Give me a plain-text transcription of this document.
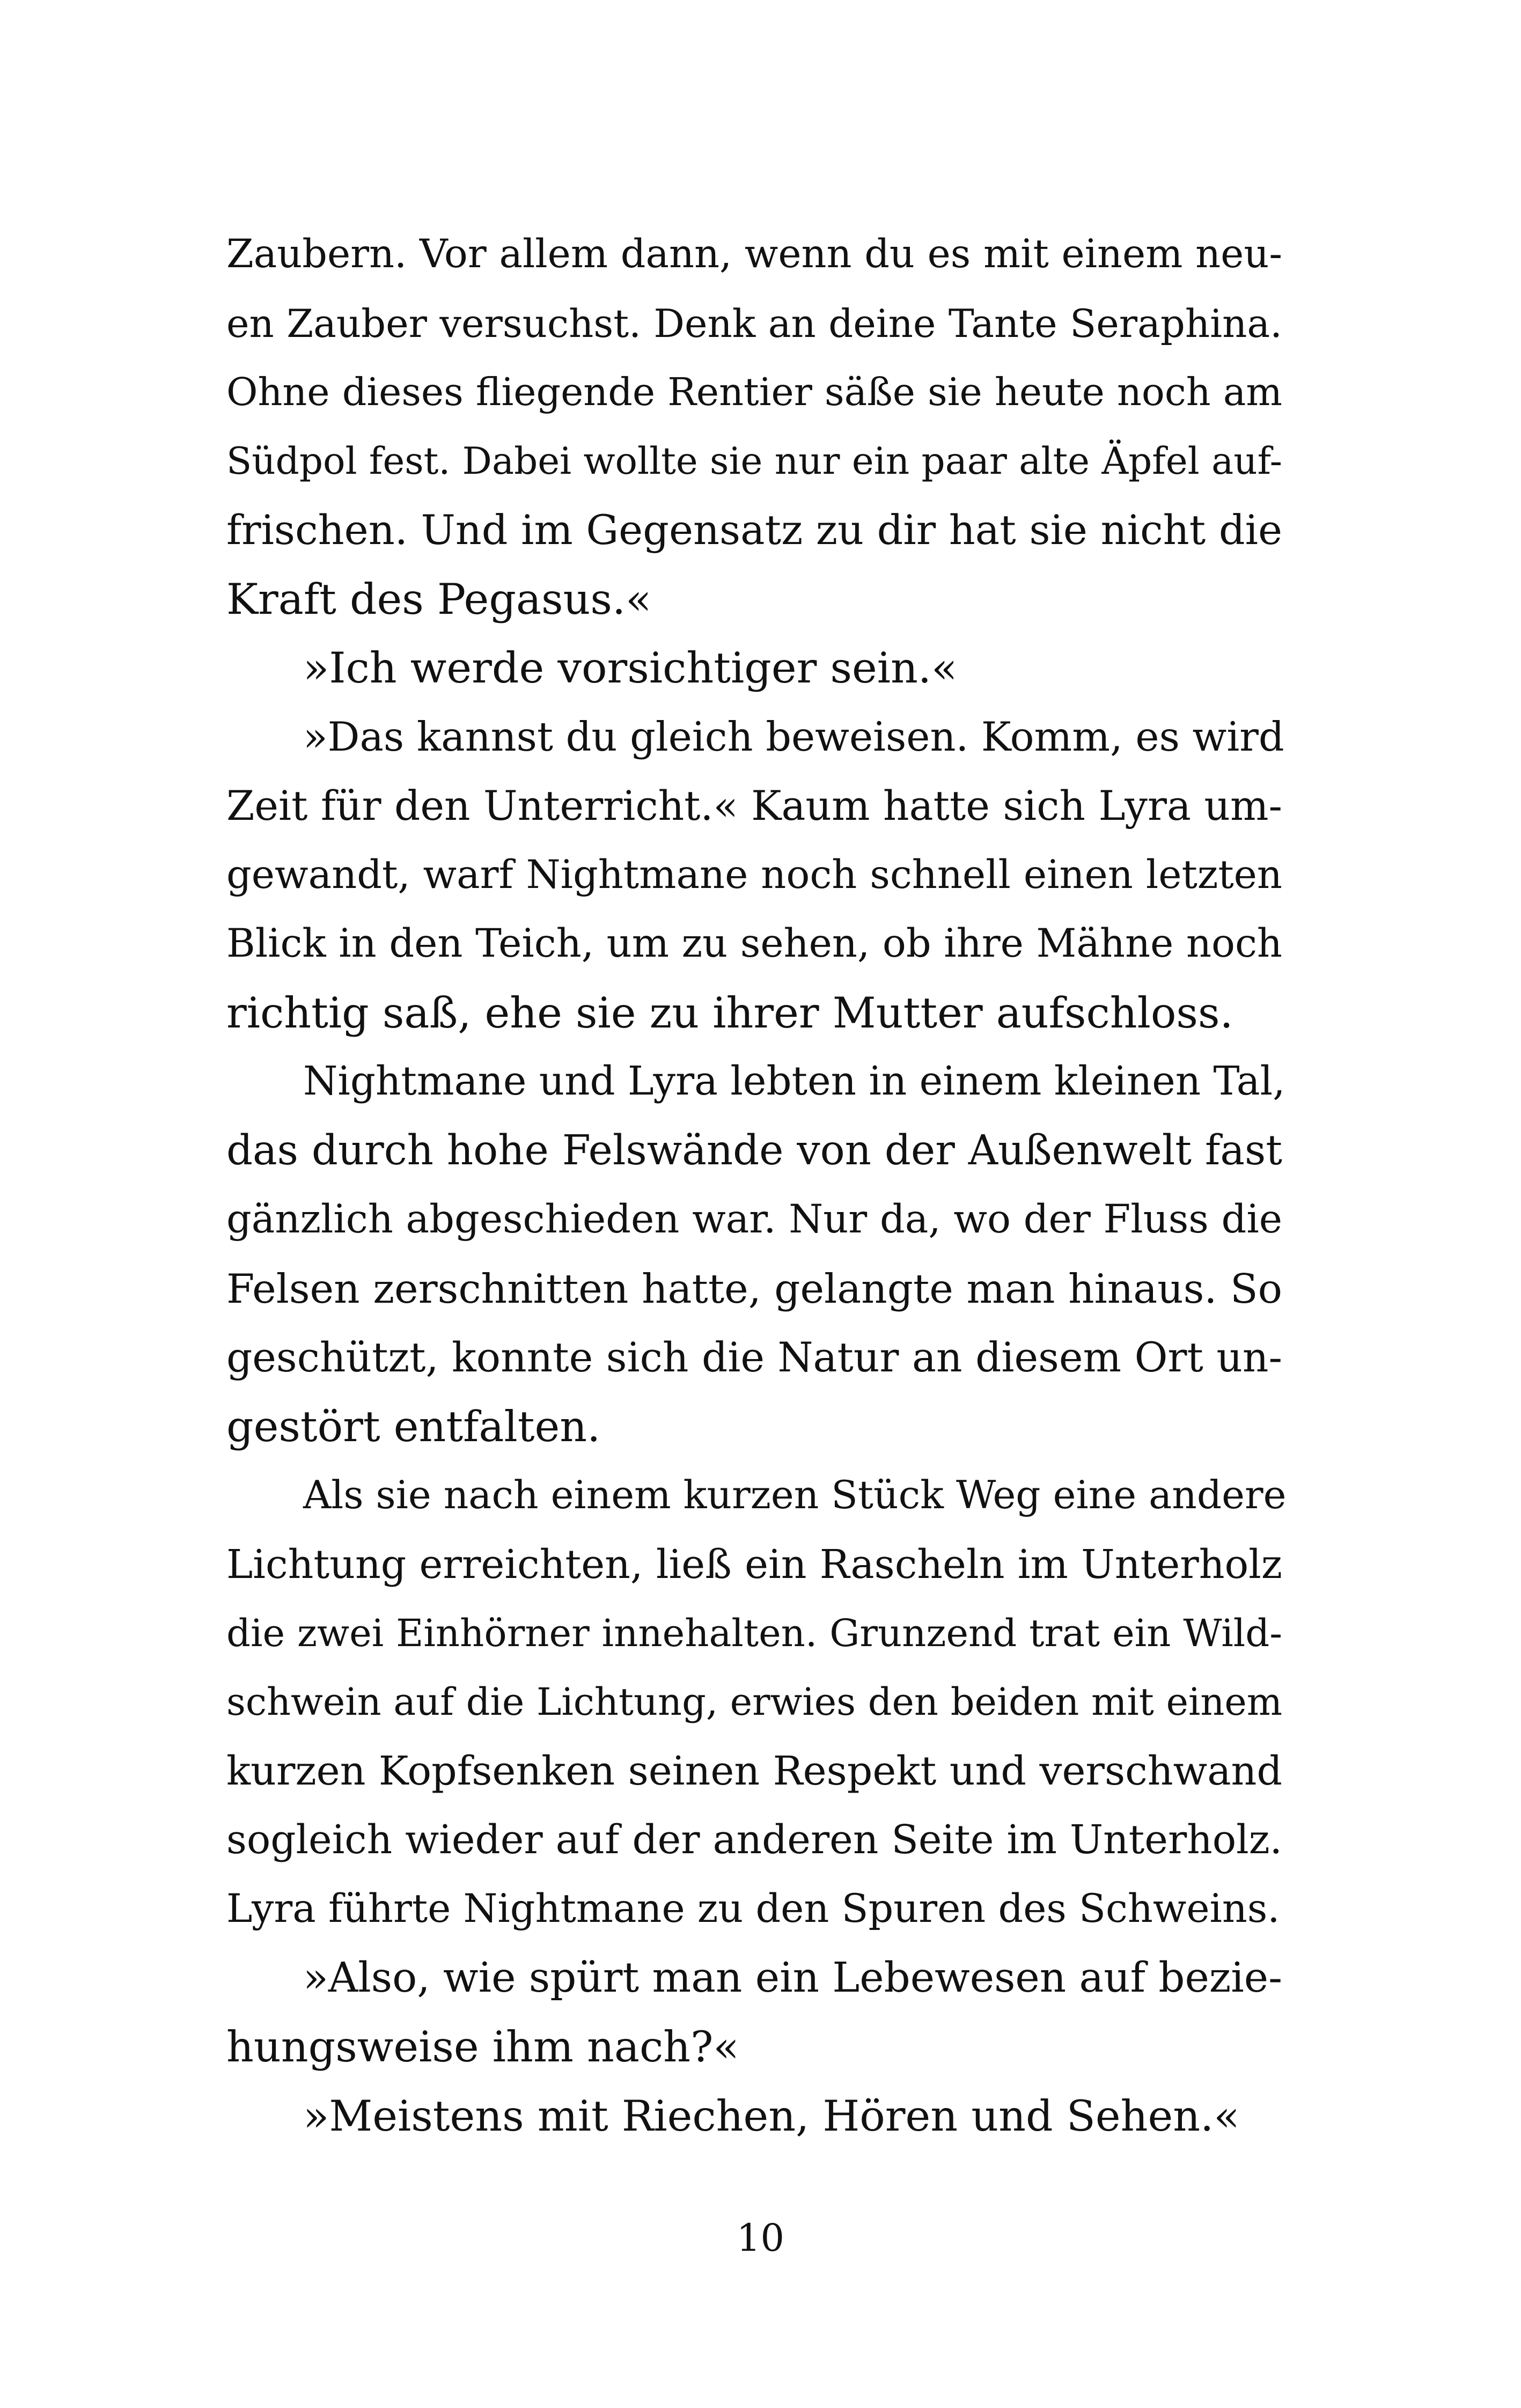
Zaubern. Vor allem dann, wenn du es mit einem neu-
en Zauber versuchst. Denk an deine Tante Seraphina.
Ohne dieses fliegende Rentier säße sie heute noch am
Südpol fest. Dabei wollte sie nur ein paar alte Äpfel auf-
frischen. Und im Gegensatz zu dir hat sie nicht die
Kraft des Pegasus.«
»Ich werde vorsichtiger sein.«
»Das kannst du gleich beweisen. Komm, es wird
Zeit für den Unterricht.« Kaum hatte sich Lyra um-
gewandt, warf Nightmane noch schnell einen letzten
Blick in den Teich, um zu sehen, ob ihre Mähne noch
richtig saß, ehe sie zu ihrer Mutter aufschloss.
Nightmane und Lyra lebten in einem kleinen Tal,
das durch hohe Felswände von der Außenwelt fast
gänzlich abgeschieden war. Nur da, wo der Fluss die
Felsen zerschnitten hatte, gelangte man hinaus. So
geschützt, konnte sich die Natur an diesem Ort un-
gestört entfalten.
Als sie nach einem kurzen Stück Weg eine andere
Lichtung erreichten, ließ ein Rascheln im Unterholz
die zwei Einhörner innehalten. Grunzend trat ein Wild-
schwein auf die Lichtung, erwies den beiden mit einem
kurzen Kopfsenken seinen Respekt und verschwand
sogleich wieder auf der anderen Seite im Unterholz.
Lyra führte Nightmane zu den Spuren des Schweins.
»Also, wie spürt man ein Lebewesen auf bezie-
hungsweise ihm nach?«
»Meistens mit Riechen, Hören und Sehen.«
10
